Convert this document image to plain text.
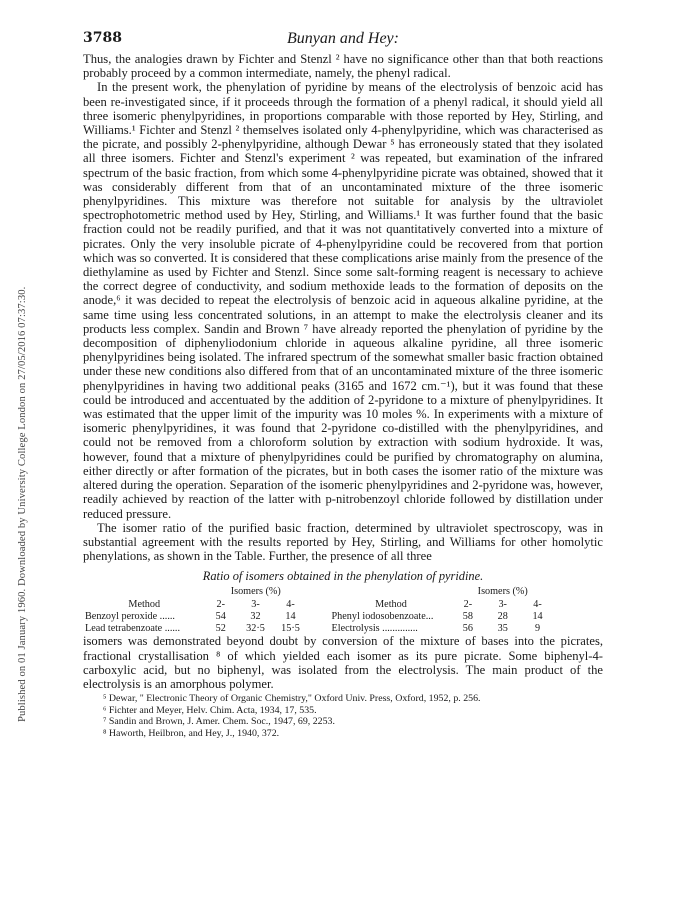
Published on 01 January 1960. Downloaded by University College London on 27/05/2016 07:37:30.
3788	Bunyan and Hey:

Thus, the analogies drawn by Fichter and Stenzl ² have no significance other than that both reactions probably proceed by a common intermediate, namely, the phenyl radical.

In the present work, the phenylation of pyridine by means of the electrolysis of benzoic acid has been re-investigated since, if it proceeds through the formation of a phenyl radical, it should yield all three isomeric phenylpyridines, in proportions comparable with those reported by Hey, Stirling, and Williams.¹ Fichter and Stenzl ² themselves isolated only 4-phenylpyridine, which was characterised as the picrate, and possibly 2-phenylpyridine, although Dewar ⁵ has erroneously stated that they isolated all three isomers. Fichter and Stenzl's experiment ² was repeated, but examination of the infrared spectrum of the basic fraction, from which some 4-phenylpyridine picrate was obtained, showed that it was considerably different from that of an uncontaminated mixture of the three isomeric phenylpyridines. This mixture was therefore not suitable for analysis by the ultraviolet spectrophotometric method used by Hey, Stirling, and Williams.¹ It was further found that the basic fraction could not be readily purified, and that it was not quantitatively converted into a mixture of picrates. Only the very insoluble picrate of 4-phenylpyridine could be recovered from that portion which was so converted. It is considered that these complications arise mainly from the presence of the diethylamine as used by Fichter and Stenzl. Since some salt-forming reagent is necessary to achieve the correct degree of conductivity, and sodium methoxide leads to the formation of deposits on the anode,⁶ it was decided to repeat the electrolysis of benzoic acid in aqueous alkaline pyridine, at the same time using less concentrated solutions, in an attempt to make the electrolysis cleaner and its products less complex. Sandin and Brown ⁷ have already reported the phenylation of pyridine by the decomposition of diphenyliodonium chloride in aqueous alkaline pyridine, all three isomeric phenylpyridines being isolated. The infrared spectrum of the somewhat smaller basic fraction obtained under these new conditions also differed from that of an uncontaminated mixture of the three isomeric phenylpyridines in having two additional peaks (3165 and 1672 cm.⁻¹), but it was found that these could be introduced and accentuated by the addition of 2-pyridone to a mixture of phenylpyridines. It was estimated that the upper limit of the impurity was 10 moles %. In experiments with a mixture of isomeric phenylpyridines, it was found that 2-pyridone co-distilled with the phenylpyridines, and could not be removed from a chloroform solution by extraction with sodium hydroxide. It was, however, found that a mixture of phenylpyridines could be purified by chromatography on alumina, either directly or after formation of the picrates, but in both cases the isomer ratio of the mixture was altered during the operation. Separation of the isomeric phenylpyridines and 2-pyridone was, however, readily achieved by reaction of the latter with p-nitrobenzoyl chloride followed by distillation under reduced pressure.

The isomer ratio of the purified basic fraction, determined by ultraviolet spectroscopy, was in substantial agreement with the results reported by Hey, Stirling, and Williams for other homolytic phenylations, as shown in the Table. Further, the presence of all three

Ratio of isomers obtained in the phenylation of pyridine.
	Isomers (%)					Isomers (%)		
Method	2-	3-	4-		Method	2-	3-	4-
Benzoyl peroxide ......	54	32	14		Phenyl iodosobenzoate...	58	28	14
Lead tetrabenzoate ......	52	32·5	15·5		Electrolysis ..............	56	35	9

isomers was demonstrated beyond doubt by conversion of the mixture of bases into the picrates, fractional crystallisation ⁸ of which yielded each isomer as its pure picrate. Some biphenyl-4-carboxylic acid, but no biphenyl, was isolated from the electrolysis. The main product of the electrolysis is an amorphous polymer.

⁵ Dewar, " Electronic Theory of Organic Chemistry," Oxford Univ. Press, Oxford, 1952, p. 256.
⁶ Fichter and Meyer, Helv. Chim. Acta, 1934, 17, 535.
⁷ Sandin and Brown, J. Amer. Chem. Soc., 1947, 69, 2253.
⁸ Haworth, Heilbron, and Hey, J., 1940, 372.
